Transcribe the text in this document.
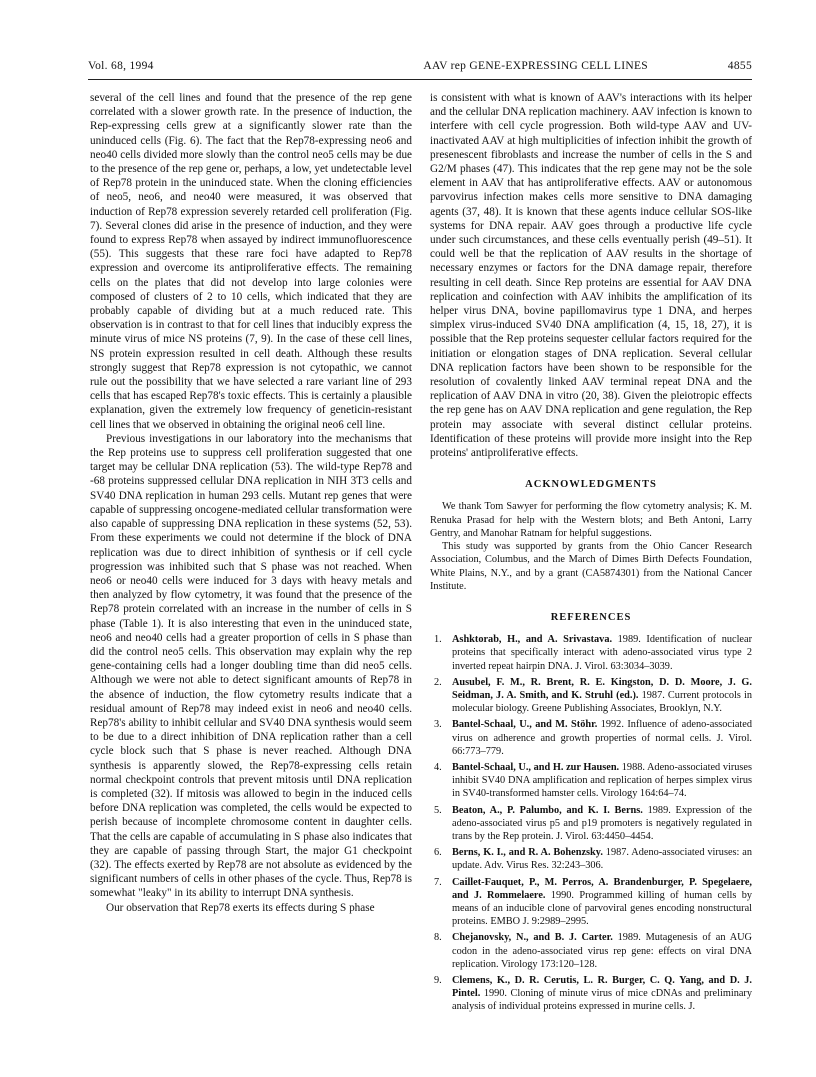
Vol. 68, 1994	AAV rep GENE-EXPRESSING CELL LINES	4855

several of the cell lines and found that the presence of the rep gene correlated with a slower growth rate. In the presence of induction, the Rep-expressing cells grew at a significantly slower rate than the uninduced cells (Fig. 6). The fact that the Rep78-expressing neo6 and neo40 cells divided more slowly than the control neo5 cells may be due to the presence of the rep gene or, perhaps, a low, yet undetectable level of Rep78 protein in the uninduced state. When the cloning efficiencies of neo5, neo6, and neo40 were measured, it was observed that induction of Rep78 expression severely retarded cell proliferation (Fig. 7). Several clones did arise in the presence of induction, and they were found to express Rep78 when assayed by indirect immunofluorescence (55). This suggests that these rare foci have adapted to Rep78 expression and overcome its antiproliferative effects. The remaining cells on the plates that did not develop into large colonies were composed of clusters of 2 to 10 cells, which indicated that they are probably capable of dividing but at a much reduced rate. This observation is in contrast to that for cell lines that inducibly express the minute virus of mice NS proteins (7, 9). In the case of these cell lines, NS protein expression resulted in cell death. Although these results strongly suggest that Rep78 expression is not cytopathic, we cannot rule out the possibility that we have selected a rare variant line of 293 cells that has escaped Rep78's toxic effects. This is certainly a plausible explanation, given the extremely low frequency of geneticin-resistant cell lines that we observed in obtaining the original neo6 cell line.

Previous investigations in our laboratory into the mechanisms that the Rep proteins use to suppress cell proliferation suggested that one target may be cellular DNA replication (53). The wild-type Rep78 and -68 proteins suppressed cellular DNA replication in NIH 3T3 cells and SV40 DNA replication in human 293 cells. Mutant rep genes that were capable of suppressing oncogene-mediated cellular transformation were also capable of suppressing DNA replication in these systems (52, 53). From these experiments we could not determine if the block of DNA replication was due to direct inhibition of synthesis or if cell cycle progression was inhibited such that S phase was not reached. When neo6 or neo40 cells were induced for 3 days with heavy metals and then analyzed by flow cytometry, it was found that the presence of the Rep78 protein correlated with an increase in the number of cells in S phase (Table 1). It is also interesting that even in the uninduced state, neo6 and neo40 cells had a greater proportion of cells in S phase than did the control neo5 cells. This observation may explain why the rep gene-containing cells had a longer doubling time than did neo5 cells. Although we were not able to detect significant amounts of Rep78 in the absence of induction, the flow cytometry results indicate that a residual amount of Rep78 may indeed exist in neo6 and neo40 cells. Rep78's ability to inhibit cellular and SV40 DNA synthesis would seem to be due to a direct inhibition of DNA replication rather than a cell cycle block such that S phase is never reached. Although DNA synthesis is apparently slowed, the Rep78-expressing cells retain normal checkpoint controls that prevent mitosis until DNA replication is completed (32). If mitosis was allowed to begin in the induced cells before DNA replication was completed, the cells would be expected to perish because of incomplete chromosome content in daughter cells. That the cells are capable of accumulating in S phase also indicates that they are capable of passing through Start, the major G1 checkpoint (32). The effects exerted by Rep78 are not absolute as evidenced by the significant numbers of cells in other phases of the cycle. Thus, Rep78 is somewhat "leaky" in its ability to interrupt DNA synthesis.

Our observation that Rep78 exerts its effects during S phase

is consistent with what is known of AAV's interactions with its helper and the cellular DNA replication machinery. AAV infection is known to interfere with cell cycle progression. Both wild-type AAV and UV-inactivated AAV at high multiplicities of infection inhibit the growth of presenescent fibroblasts and increase the number of cells in the S and G2/M phases (47). This indicates that the rep gene may not be the sole element in AAV that has antiproliferative effects. AAV or autonomous parvovirus infection makes cells more sensitive to DNA damaging agents (37, 48). It is known that these agents induce cellular SOS-like systems for DNA repair. AAV goes through a productive life cycle under such circumstances, and these cells eventually perish (49–51). It could well be that the replication of AAV results in the shortage of necessary enzymes or factors for the DNA damage repair, therefore resulting in cell death. Since Rep proteins are essential for AAV DNA replication and coinfection with AAV inhibits the amplification of its helper virus DNA, bovine papillomavirus type 1 DNA, and herpes simplex virus-induced SV40 DNA amplification (4, 15, 18, 27), it is possible that the Rep proteins sequester cellular factors required for the initiation or elongation stages of DNA replication. Several cellular DNA replication factors have been shown to be responsible for the resolution of covalently linked AAV terminal repeat DNA and the replication of AAV DNA in vitro (20, 38). Given the pleiotropic effects the rep gene has on AAV DNA replication and gene regulation, the Rep protein may associate with several distinct cellular proteins. Identification of these proteins will provide more insight into the Rep proteins' antiproliferative effects.

ACKNOWLEDGMENTS

We thank Tom Sawyer for performing the flow cytometry analysis; K. M. Renuka Prasad for help with the Western blots; and Beth Antoni, Larry Gentry, and Manohar Ratnam for helpful suggestions.

This study was supported by grants from the Ohio Cancer Research Association, Columbus, and the March of Dimes Birth Defects Foundation, White Plains, N.Y., and by a grant (CA5874301) from the National Cancer Institute.

REFERENCES
1. Ashktorab, H., and A. Srivastava. 1989. Identification of nuclear proteins that specifically interact with adeno-associated virus type 2 inverted repeat hairpin DNA. J. Virol. 63:3034–3039.
2. Ausubel, F. M., R. Brent, R. E. Kingston, D. D. Moore, J. G. Seidman, J. A. Smith, and K. Struhl (ed.). 1987. Current protocols in molecular biology. Greene Publishing Associates, Brooklyn, N.Y.
3. Bantel-Schaal, U., and M. Stöhr. 1992. Influence of adeno-associated virus on adherence and growth properties of normal cells. J. Virol. 66:773–779.
4. Bantel-Schaal, U., and H. zur Hausen. 1988. Adeno-associated viruses inhibit SV40 DNA amplification and replication of herpes simplex virus in SV40-transformed hamster cells. Virology 164:64–74.
5. Beaton, A., P. Palumbo, and K. I. Berns. 1989. Expression of the adeno-associated virus p5 and p19 promoters is negatively regulated in trans by the Rep protein. J. Virol. 63:4450–4454.
6. Berns, K. I., and R. A. Bohenzsky. 1987. Adeno-associated viruses: an update. Adv. Virus Res. 32:243–306.
7. Caillet-Fauquet, P., M. Perros, A. Brandenburger, P. Spegelaere, and J. Rommelaere. 1990. Programmed killing of human cells by means of an inducible clone of parvoviral genes encoding nonstructural proteins. EMBO J. 9:2989–2995.
8. Chejanovsky, N., and B. J. Carter. 1989. Mutagenesis of an AUG codon in the adeno-associated virus rep gene: effects on viral DNA replication. Virology 173:120–128.
9. Clemens, K., D. R. Cerutis, L. R. Burger, C. Q. Yang, and D. J. Pintel. 1990. Cloning of minute virus of mice cDNAs and preliminary analysis of individual proteins expressed in murine cells. J.
